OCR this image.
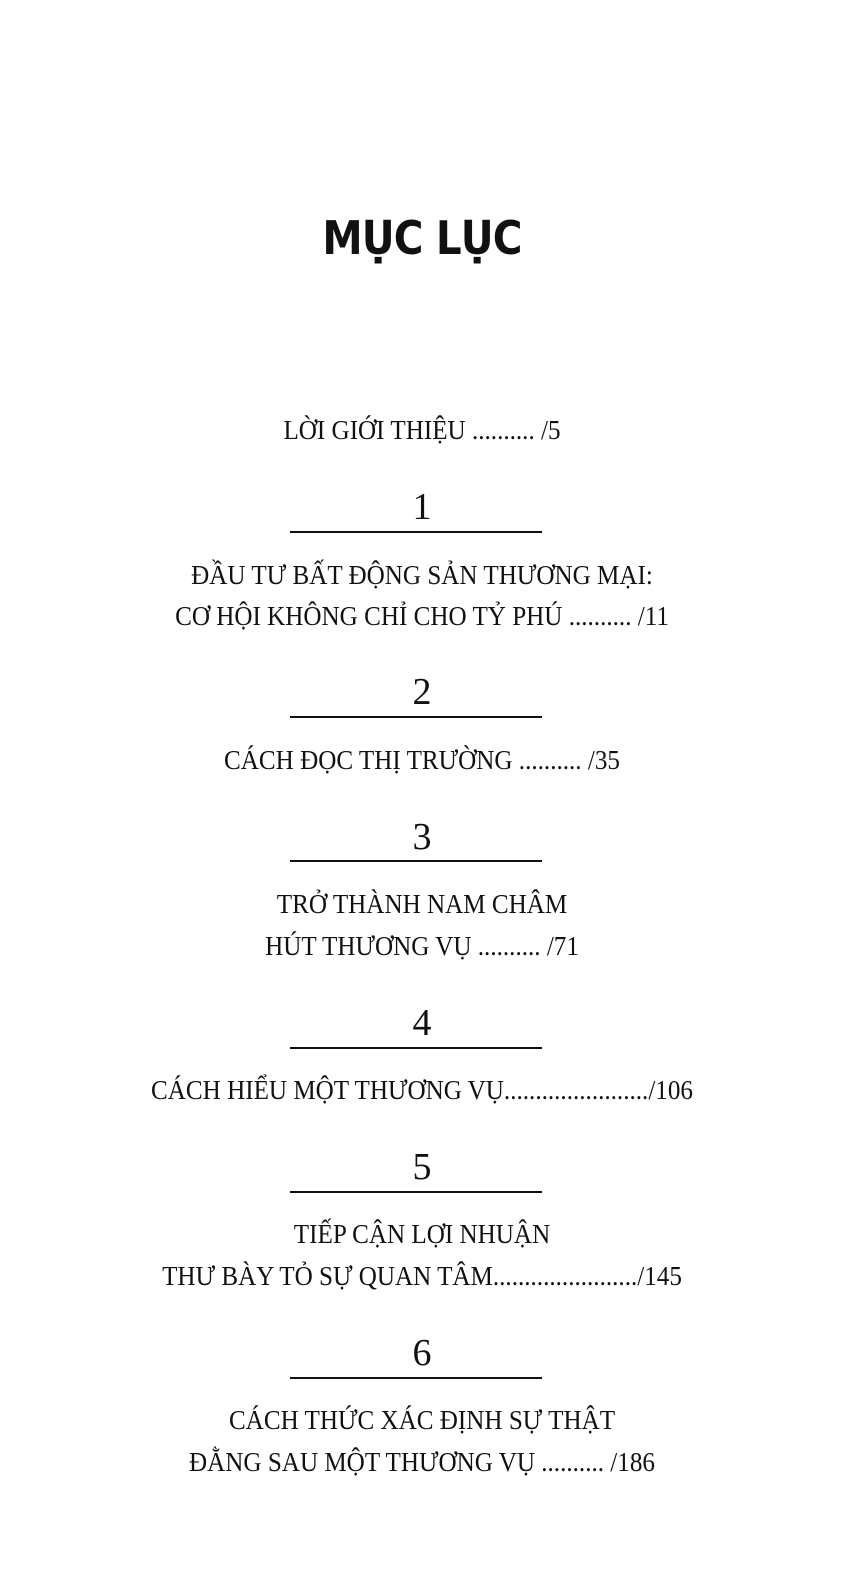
MỤC LỤC
LỜI GIỚI THIỆU .......... /5
1
ĐẦU TƯ BẤT ĐỘNG SẢN THƯƠNG MẠI:
CƠ HỘI KHÔNG CHỈ CHO TỶ PHÚ .......... /11
2
CÁCH ĐỌC THỊ TRƯỜNG .......... /35
3
TRỞ THÀNH NAM CHÂM
HÚT THƯƠNG VỤ .......... /71
4
CÁCH HIỂU MỘT THƯƠNG VỤ......................./106
5
TIẾP CẬN LỢI NHUẬN
THƯ BÀY TỎ SỰ QUAN TÂM......................./145
6
CÁCH THỨC XÁC ĐỊNH SỰ THẬT
ĐẰNG SAU MỘT THƯƠNG VỤ .......... /186
